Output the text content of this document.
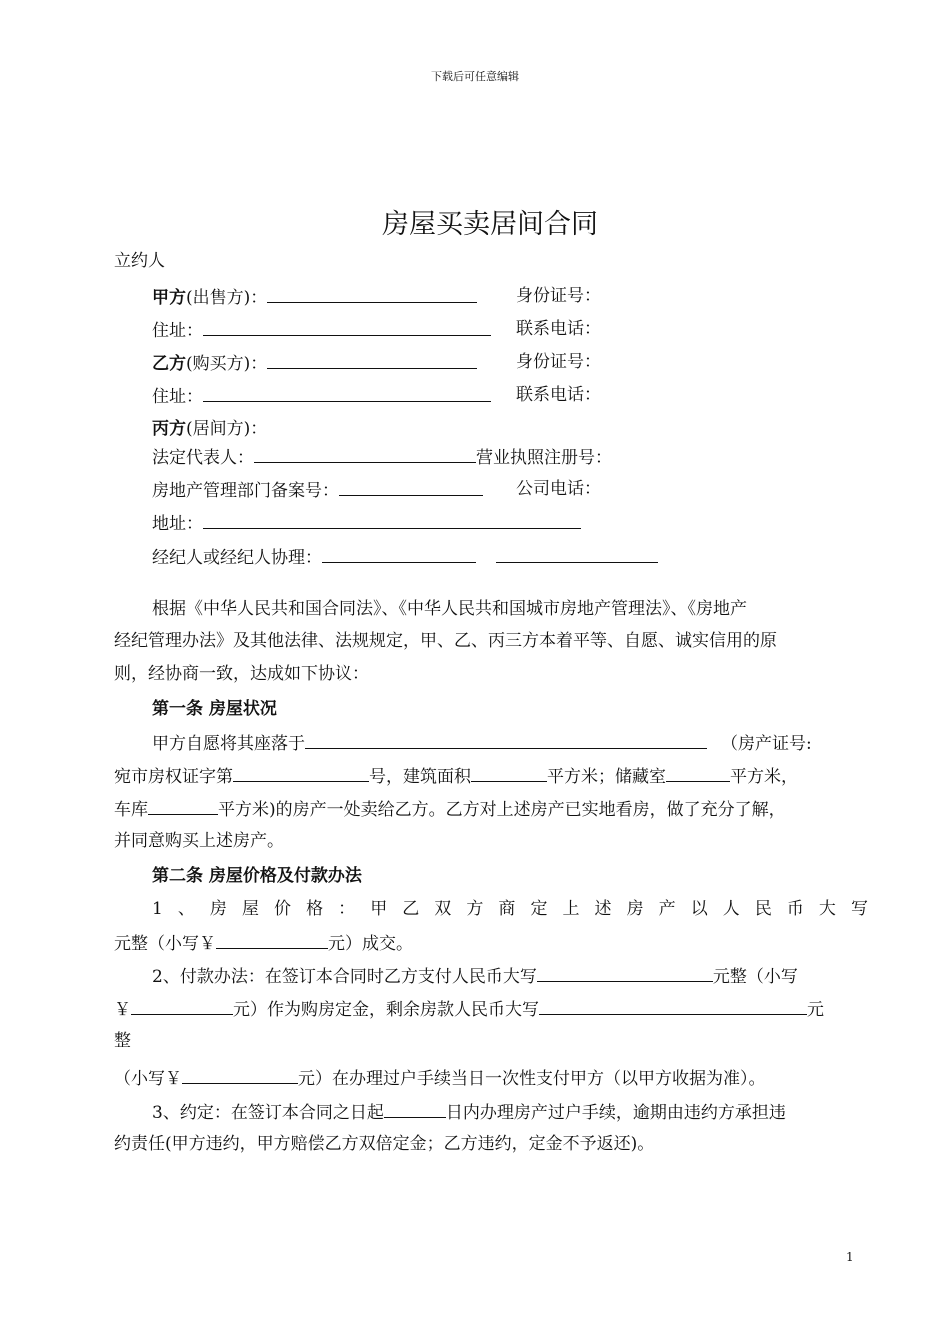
下载后可任意编辑
房屋买卖居间合同
立约人
甲方(出售方)：	身份证号：
住址：	联系电话：
乙方(购买方)：	身份证号：
住址：	联系电话：
丙方(居间方)：
法定代表人：	营业执照注册号：
房地产管理部门备案号：	公司电话：
地址：
经纪人或经纪人协理：
根据《中华人民共和国合同法》、《中华人民共和国城市房地产管理法》、《房地产
经纪管理办法》及其他法律、法规规定，甲、乙、丙三方本着平等、自愿、诚实信用的原
则，经协商一致，达成如下协议：
第一条 房屋状况
甲方自愿将其座落于	（房产证号:
宛市房权证字第	号，建筑面积	平方米；储藏室	平方米，
车库	平方米)的房产一处卖给乙方。乙方对上述房产已实地看房，做了充分了解，
并同意购买上述房产。
第二条 房屋价格及付款办法
1、房屋价格：甲乙双方商定上述房产以人民币大写
元整（小写￥	元）成交。
2、付款办法：在签订本合同时乙方支付人民币大写	元整（小写
￥	元）作为购房定金，剩余房款人民币大写	元
整
（小写￥	元）在办理过户手续当日一次性支付甲方（以甲方收据为准）。
3、约定：在签订本合同之日起	日内办理房产过户手续，逾期由违约方承担违
约责任(甲方违约，甲方赔偿乙方双倍定金；乙方违约，定金不予返还)。
1
